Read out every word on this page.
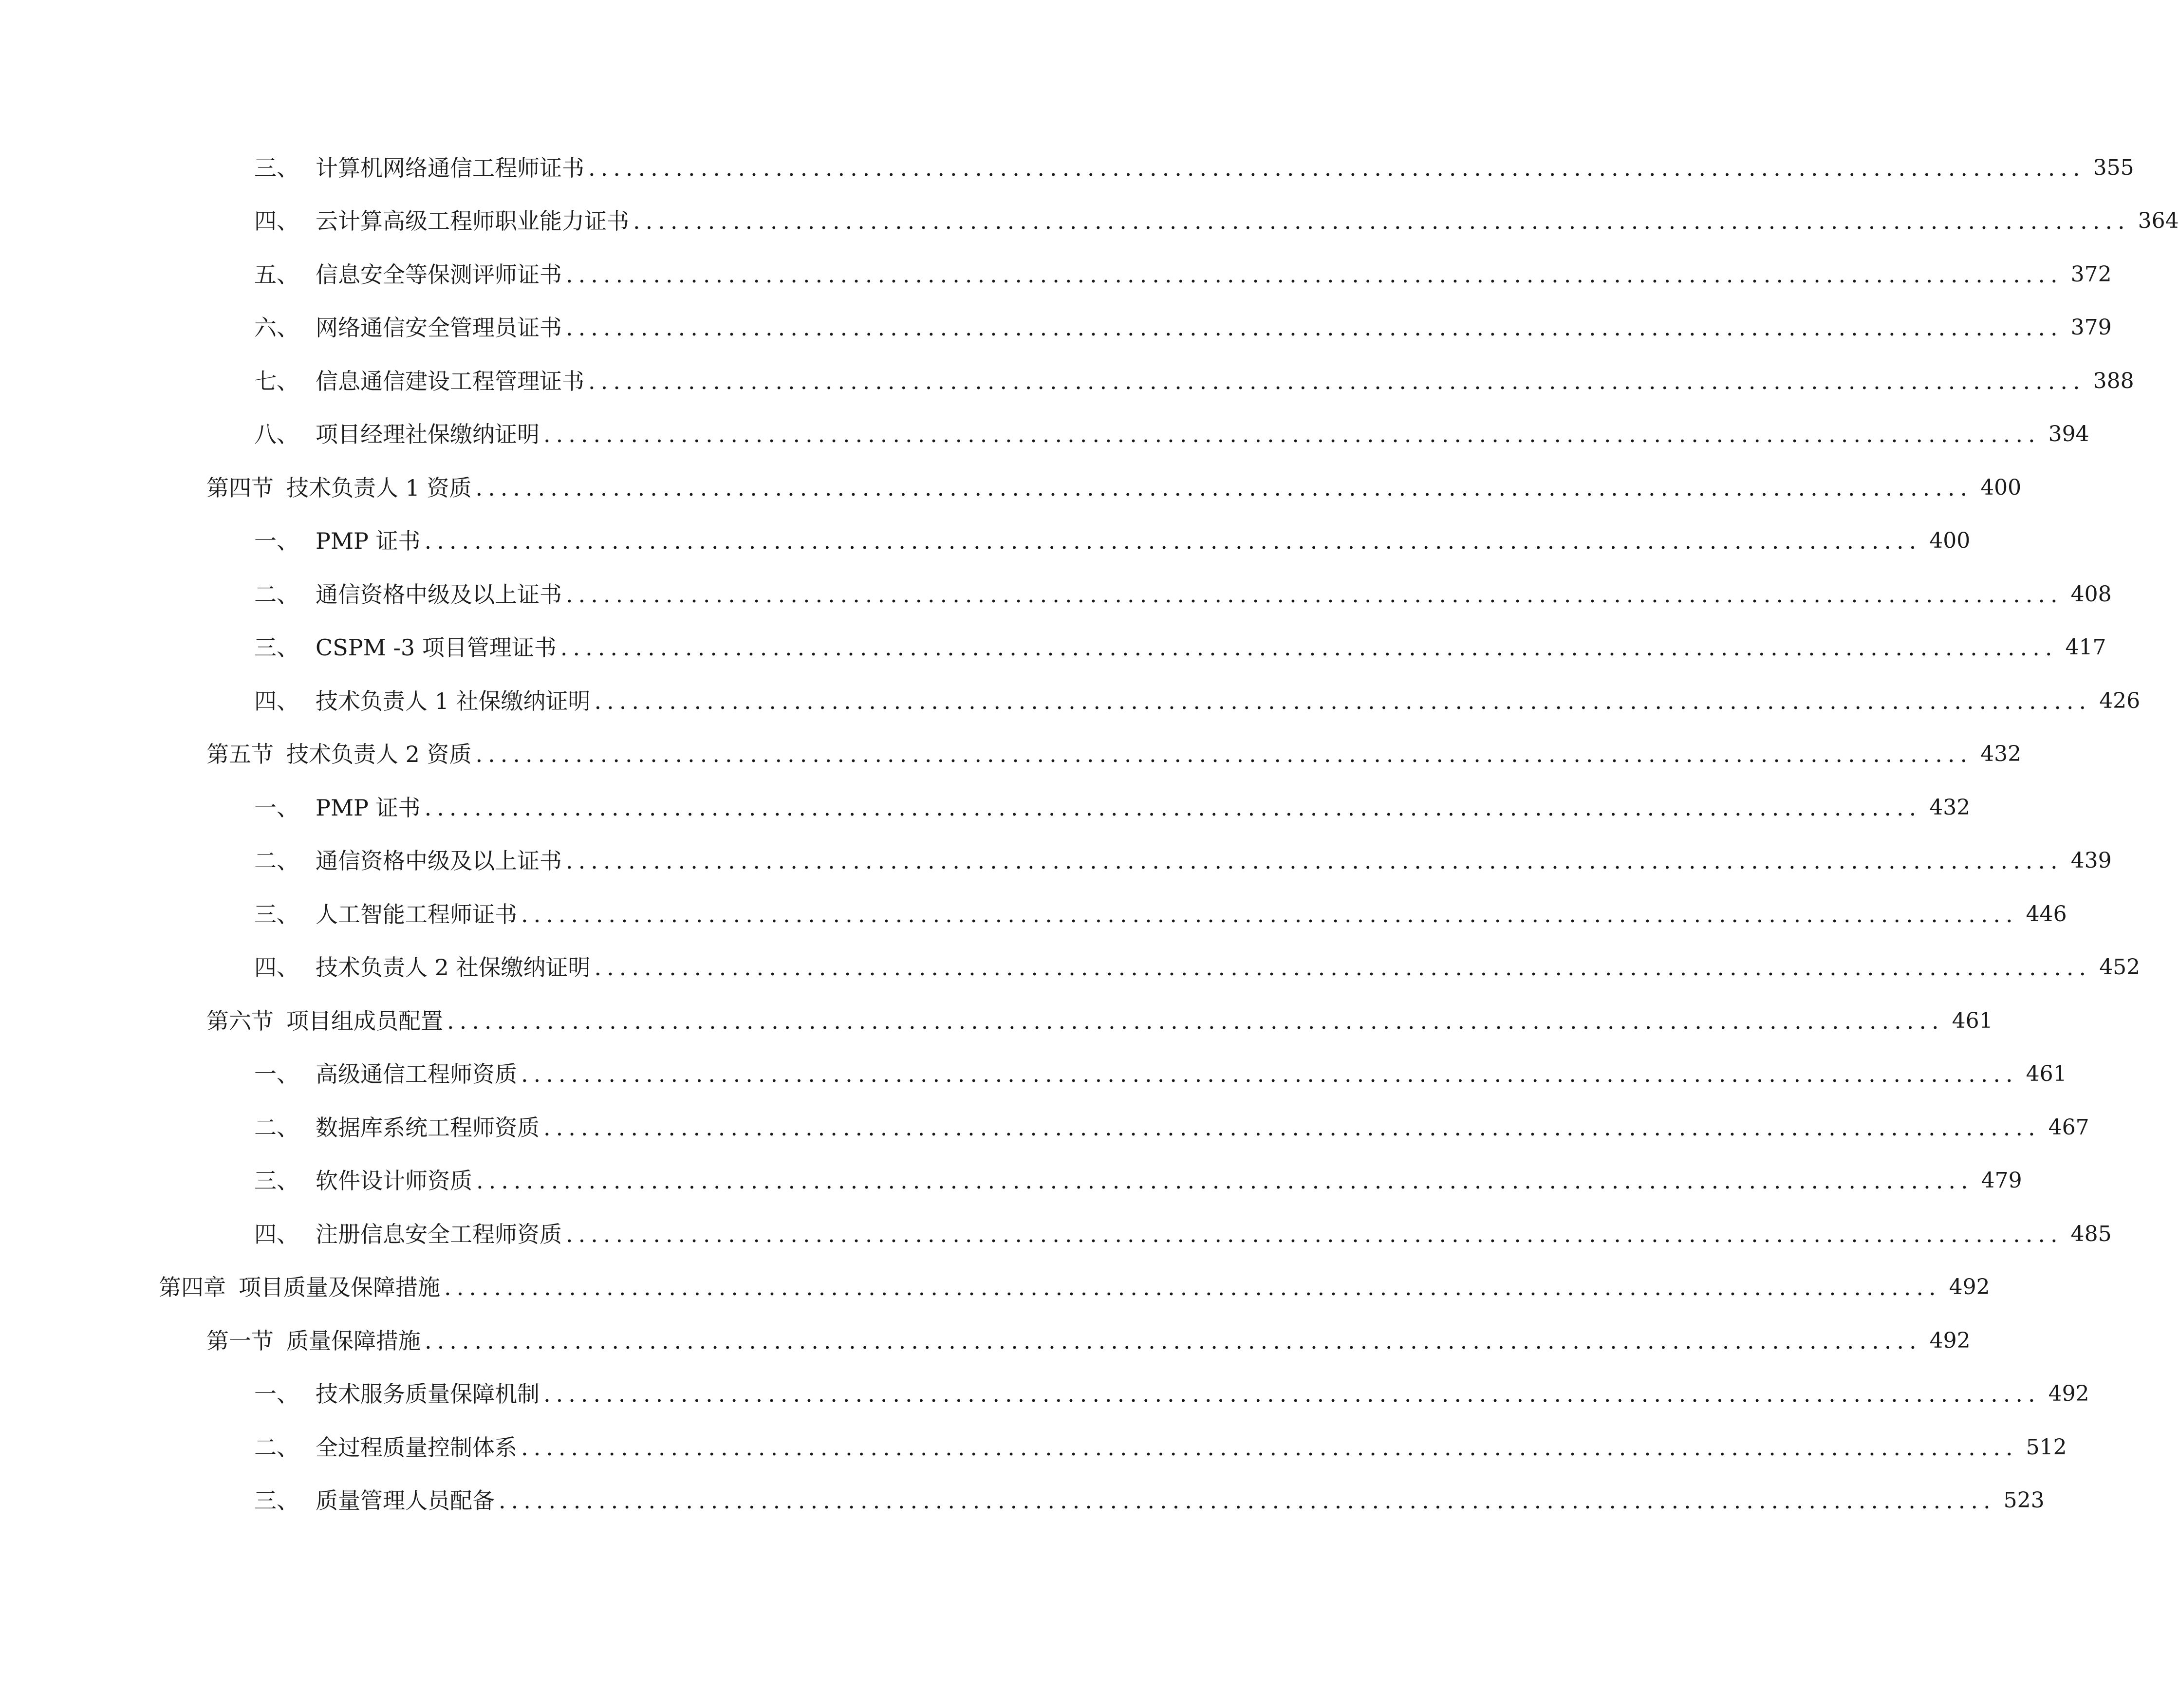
三、 计算机网络通信工程师证书 ........................................................................................................................ 355
四、 云计算高级工程师职业能力证书 ........................................................................................................................ 364
五、 信息安全等保测评师证书 ........................................................................................................................ 372
六、 网络通信安全管理员证书 ........................................................................................................................ 379
七、 信息通信建设工程管理证书 ........................................................................................................................ 388
八、 项目经理社保缴纳证明 ........................................................................................................................ 394
第四节 技术负责人 1 资质 ........................................................................................................................ 400
一、 PMP 证书 ........................................................................................................................ 400
二、 通信资格中级及以上证书 ........................................................................................................................ 408
三、 CSPM -3 项目管理证书 ........................................................................................................................ 417
四、 技术负责人 1 社保缴纳证明 ........................................................................................................................ 426
第五节 技术负责人 2 资质 ........................................................................................................................ 432
一、 PMP 证书 ........................................................................................................................ 432
二、 通信资格中级及以上证书 ........................................................................................................................ 439
三、 人工智能工程师证书 ........................................................................................................................ 446
四、 技术负责人 2 社保缴纳证明 ........................................................................................................................ 452
第六节 项目组成员配置 ........................................................................................................................ 461
一、 高级通信工程师资质 ........................................................................................................................ 461
二、 数据库系统工程师资质 ........................................................................................................................ 467
三、 软件设计师资质 ........................................................................................................................ 479
四、 注册信息安全工程师资质 ........................................................................................................................ 485
第四章 项目质量及保障措施 ........................................................................................................................ 492
第一节 质量保障措施 ........................................................................................................................ 492
一、 技术服务质量保障机制 ........................................................................................................................ 492
二、 全过程质量控制体系 ........................................................................................................................ 512
三、 质量管理人员配备 ........................................................................................................................ 523
